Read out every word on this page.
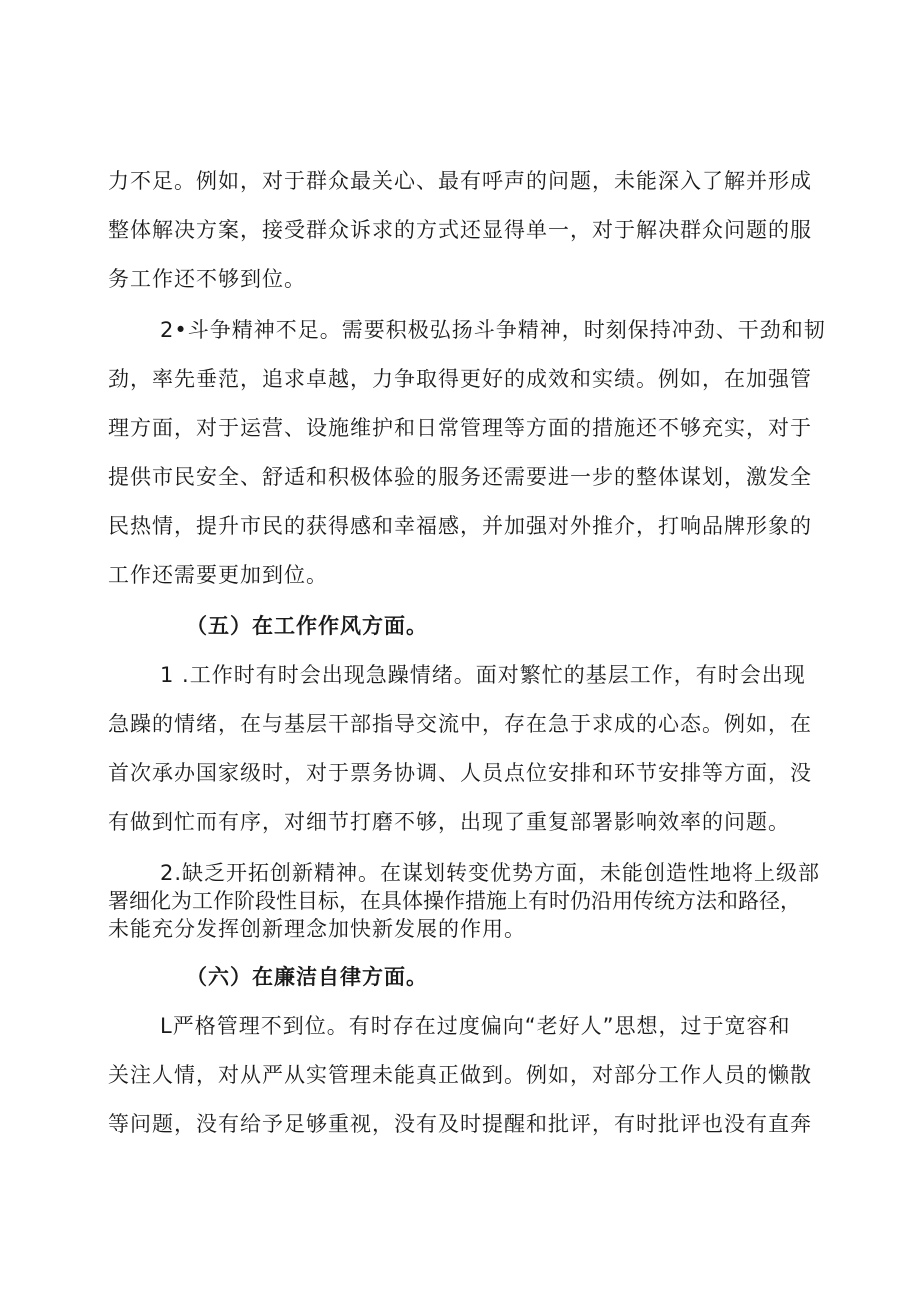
力不足。例如，对于群众最关心、最有呼声的问题，未能深入了解并形成
整体解决方案，接受群众诉求的方式还显得单一，对于解决群众问题的服
务工作还不够到位。
2•斗争精神不足。需要积极弘扬斗争精神，时刻保持冲劲、干劲和韧
劲，率先垂范，追求卓越，力争取得更好的成效和实绩。例如，在加强管
理方面，对于运营、设施维护和日常管理等方面的措施还不够充实，对于
提供市民安全、舒适和积极体验的服务还需要进一步的整体谋划，激发全
民热情，提升市民的获得感和幸福感，并加强对外推介，打响品牌形象的
工作还需要更加到位。
（五）在工作作风方面。
1 .工作时有时会出现急躁情绪。面对繁忙的基层工作，有时会出现
急躁的情绪，在与基层干部指导交流中，存在急于求成的心态。例如，在
首次承办国家级时，对于票务协调、人员点位安排和环节安排等方面，没
有做到忙而有序，对细节打磨不够，出现了重复部署影响效率的问题。
2.缺乏开拓创新精神。在谋划转变优势方面，未能创造性地将上级部
署细化为工作阶段性目标，在具体操作措施上有时仍沿用传统方法和路径，
未能充分发挥创新理念加快新发展的作用。
（六）在廉洁自律方面。
L严格管理不到位。有时存在过度偏向“老好人”思想，过于宽容和
关注人情，对从严从实管理未能真正做到。例如，对部分工作人员的懒散
等问题，没有给予足够重视，没有及时提醒和批评，有时批评也没有直奔
